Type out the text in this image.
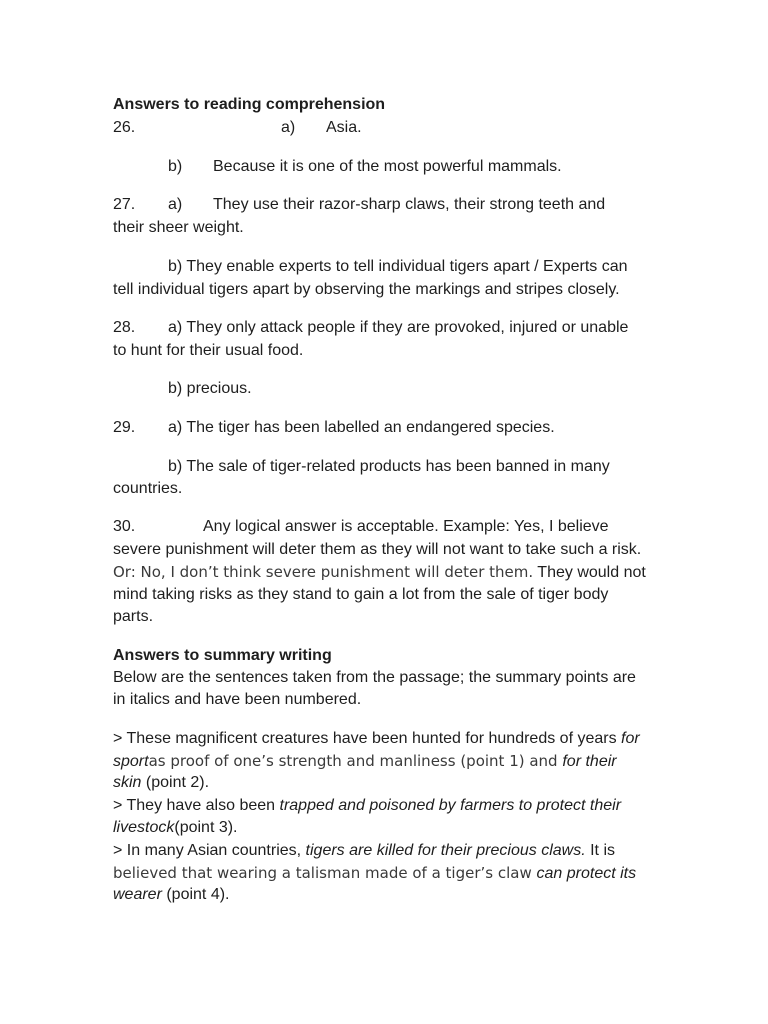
Answers to reading comprehension
26.	a) Asia.
b) Because it is one of the most powerful mammals.
27. a) They use their razor-sharp claws, their strong teeth and
their sheer weight.
b) They enable experts to tell individual tigers apart / Experts can
tell individual tigers apart by observing the markings and stripes closely.
28. a) They only attack people if they are provoked, injured or unable
to hunt for their usual food.
b) precious.
29. a) The tiger has been labelled an endangered species.
b) The sale of tiger-related products has been banned in many
countries.
30.	Any logical answer is acceptable. Example: Yes, I believe
severe punishment will deter them as they will not want to take such a risk.
Or: No, I don’t think severe punishment will deter them. They would not
mind taking risks as they stand to gain a lot from the sale of tiger body
parts.
Answers to summary writing
Below are the sentences taken from the passage; the summary points are
in italics and have been numbered.
> These magnificent creatures have been hunted for hundreds of years for
sportas proof of one’s strength and manliness (point 1) and for their
skin (point 2).
> They have also been trapped and poisoned by farmers to protect their
livestock(point 3).
> In many Asian countries, tigers are killed for their precious claws. It is
believed that wearing a talisman made of a tiger’s claw can protect its
wearer (point 4).
